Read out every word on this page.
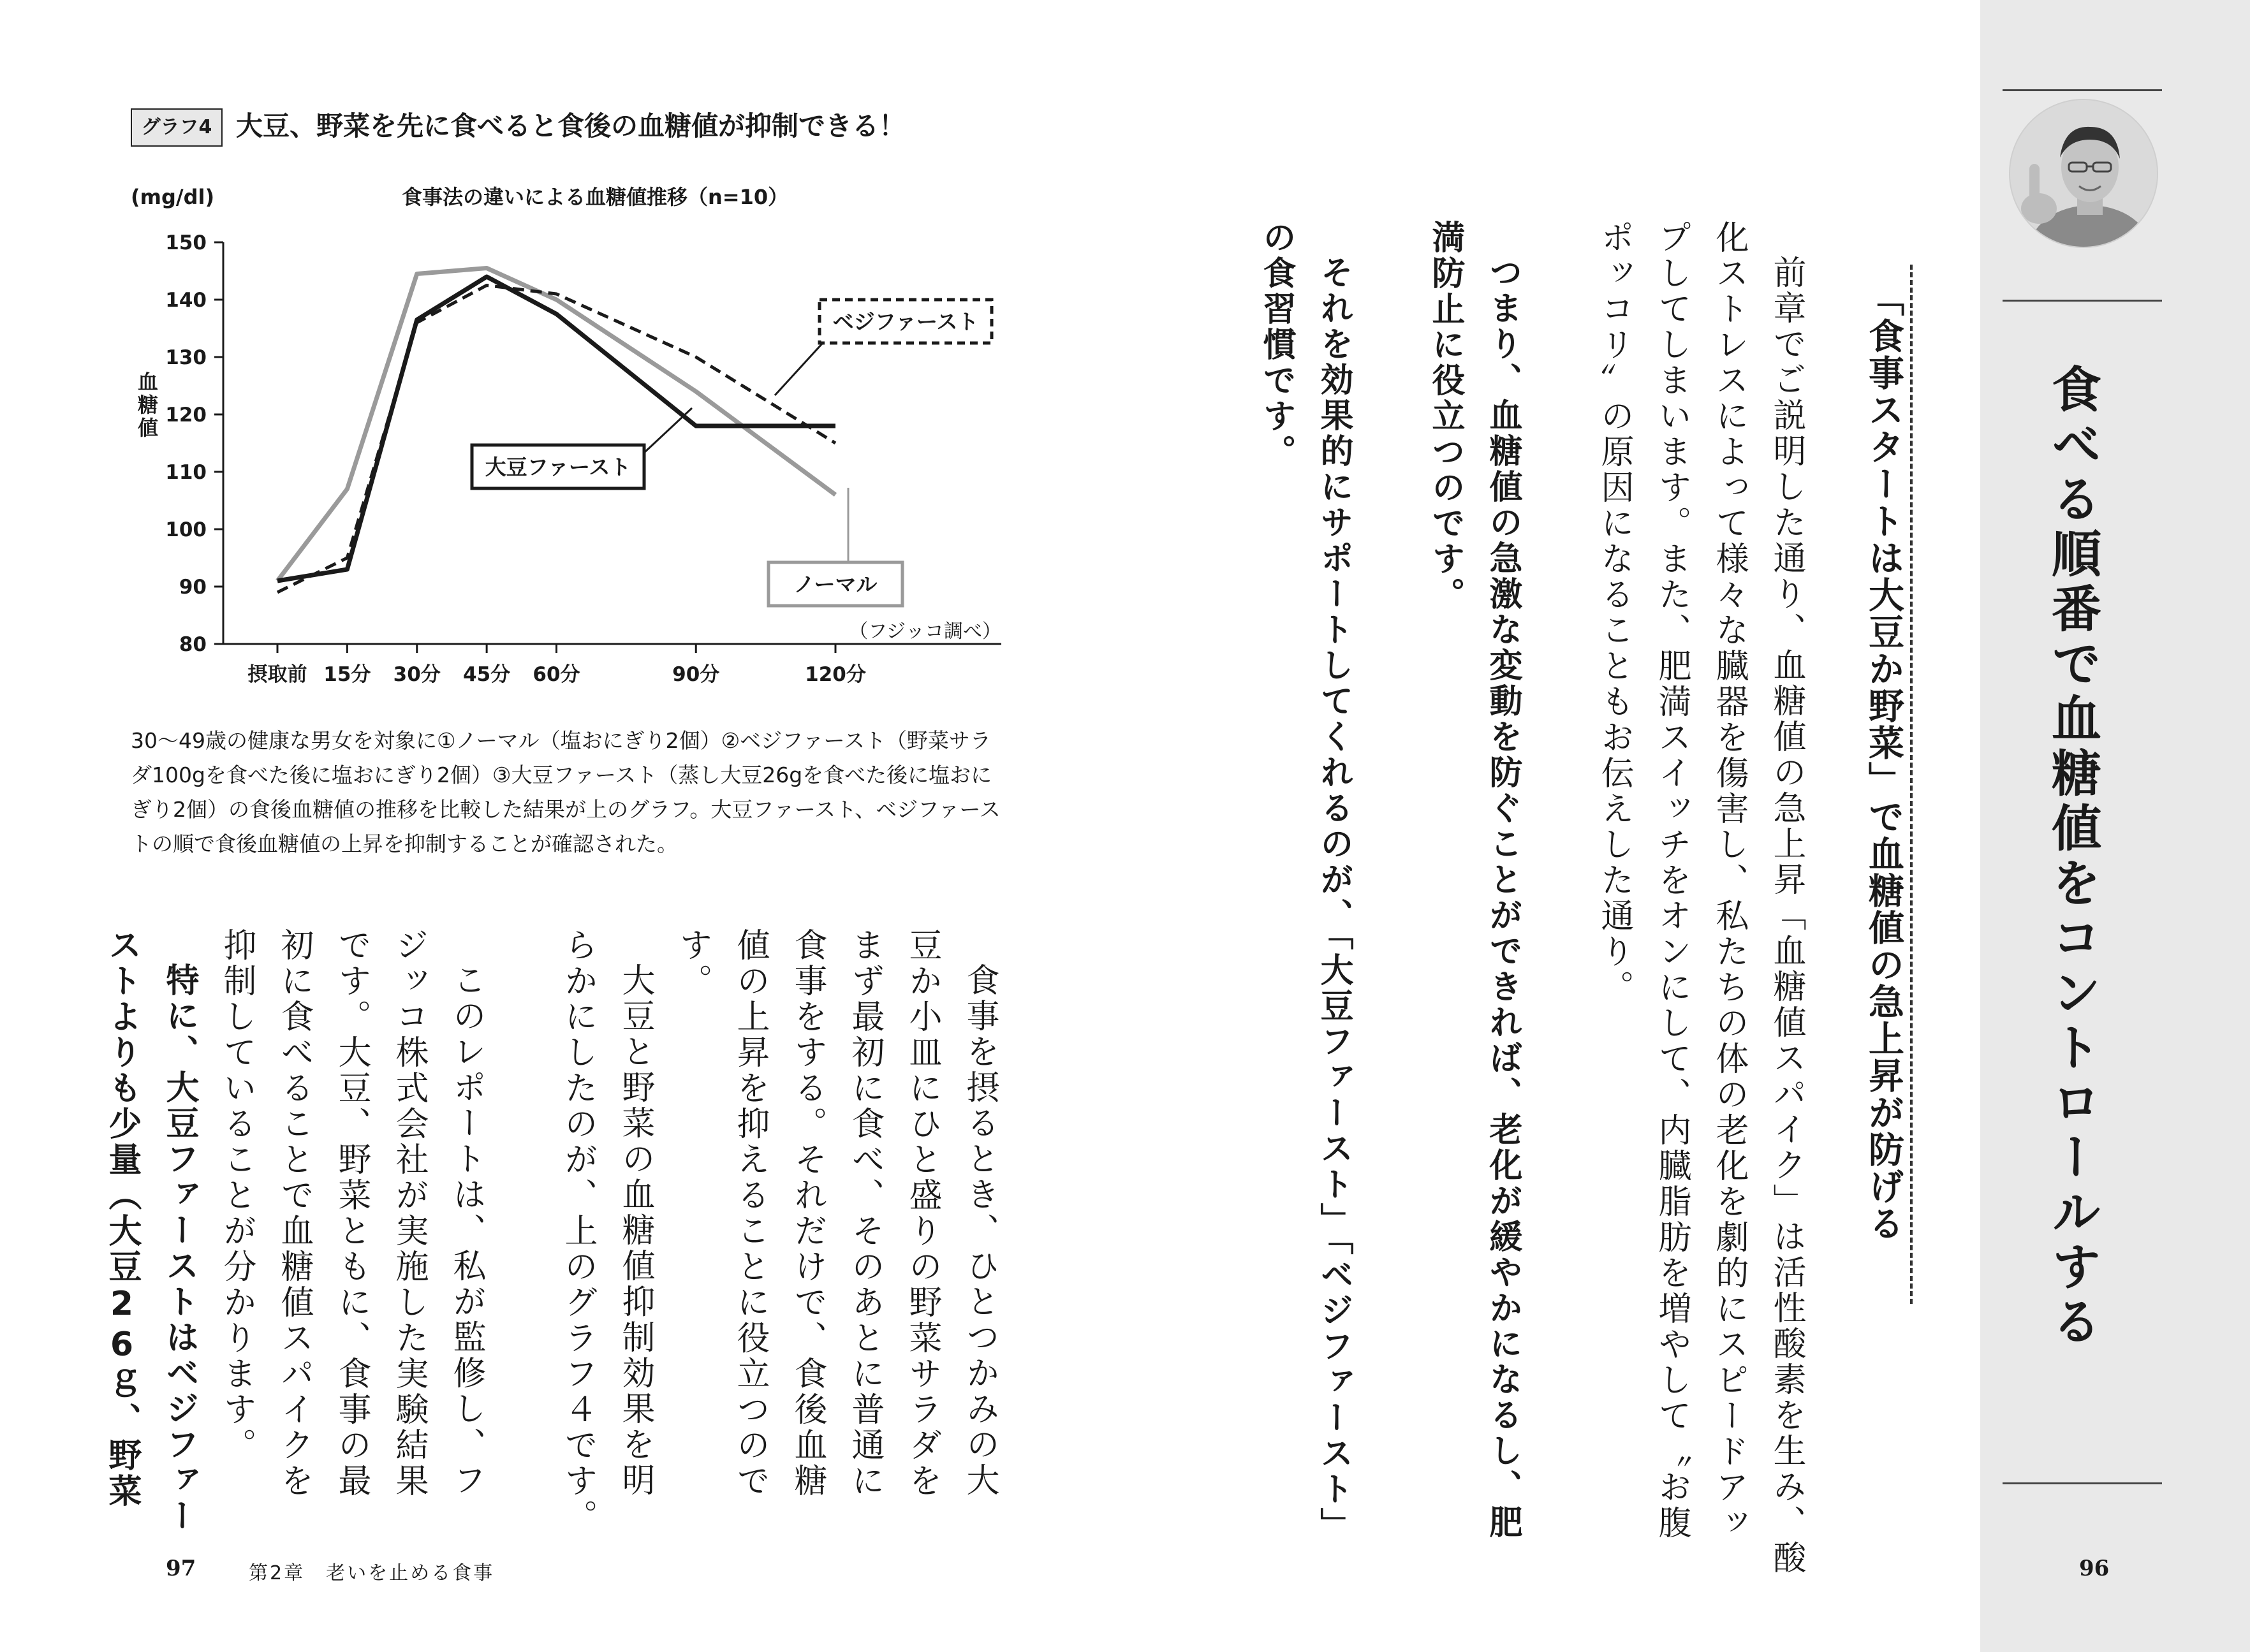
食べる順番で血糖値をコントロールする
「食事スタートは大豆か野菜」で血糖値の急上昇が防げる
前章でご説明した通り、血糖値の急上昇「血糖値スパイク」は活性酸素を生み、酸
化ストレスによって様々な臓器を傷害し、私たちの体の老化を劇的にスピードアッ
プしてしまいます。また、肥満スイッチをオンにして、内臓脂肪を増やして〝お腹
ポッコリ〟の原因になることもお伝えした通り。
つまり、血糖値の急激な変動を防ぐことができれば、老化が緩やかになるし、肥
満防止に役立つのです。
それを効果的にサポートしてくれるのが、「大豆ファースト」「ベジファースト」
の食習慣です。
96
グラフ4 大豆、野菜を先に食べると食後の血糖値が抑制できる！
(mg/dl)	食事法の違いによる血糖値推移（n=10）
血
糖
値
80
90
100
110
120
130
140
150
摂取前 15分 30分 45分 60分	90分	120分
ノーマル
ベジファースト
大豆ファースト
（フジッコ調べ）
30〜49歳の健康な男女を対象に①ノーマル（塩おにぎり2個）②ベジファースト（野菜サラダ100gを食べた後に塩おにぎり2個）③大豆ファースト（蒸し大豆26gを食べた後に塩おにぎり2個）の食後血糖値の推移を比較した結果が上のグラフ。大豆ファースト、ベジファーストの順で食後血糖値の上昇を抑制することが確認された。
食事を摂るとき、ひとつかみの大
豆か小皿にひと盛りの野菜サラダを
まず最初に食べ、そのあとに普通に
食事をする。それだけで、食後血糖
値の上昇を抑えることに役立つので
す。
大豆と野菜の血糖値抑制効果を明
らかにしたのが、上のグラフ４です。
このレポートは、私が監修し、フ
ジッコ株式会社が実施した実験結果
です。大豆、野菜ともに、食事の最
初に食べることで血糖値スパイクを
抑制していることが分かります。
特に、大豆ファーストはベジファー
ストよりも少量（大豆26ｇ、野菜
97	第2章　老いを止める食事
